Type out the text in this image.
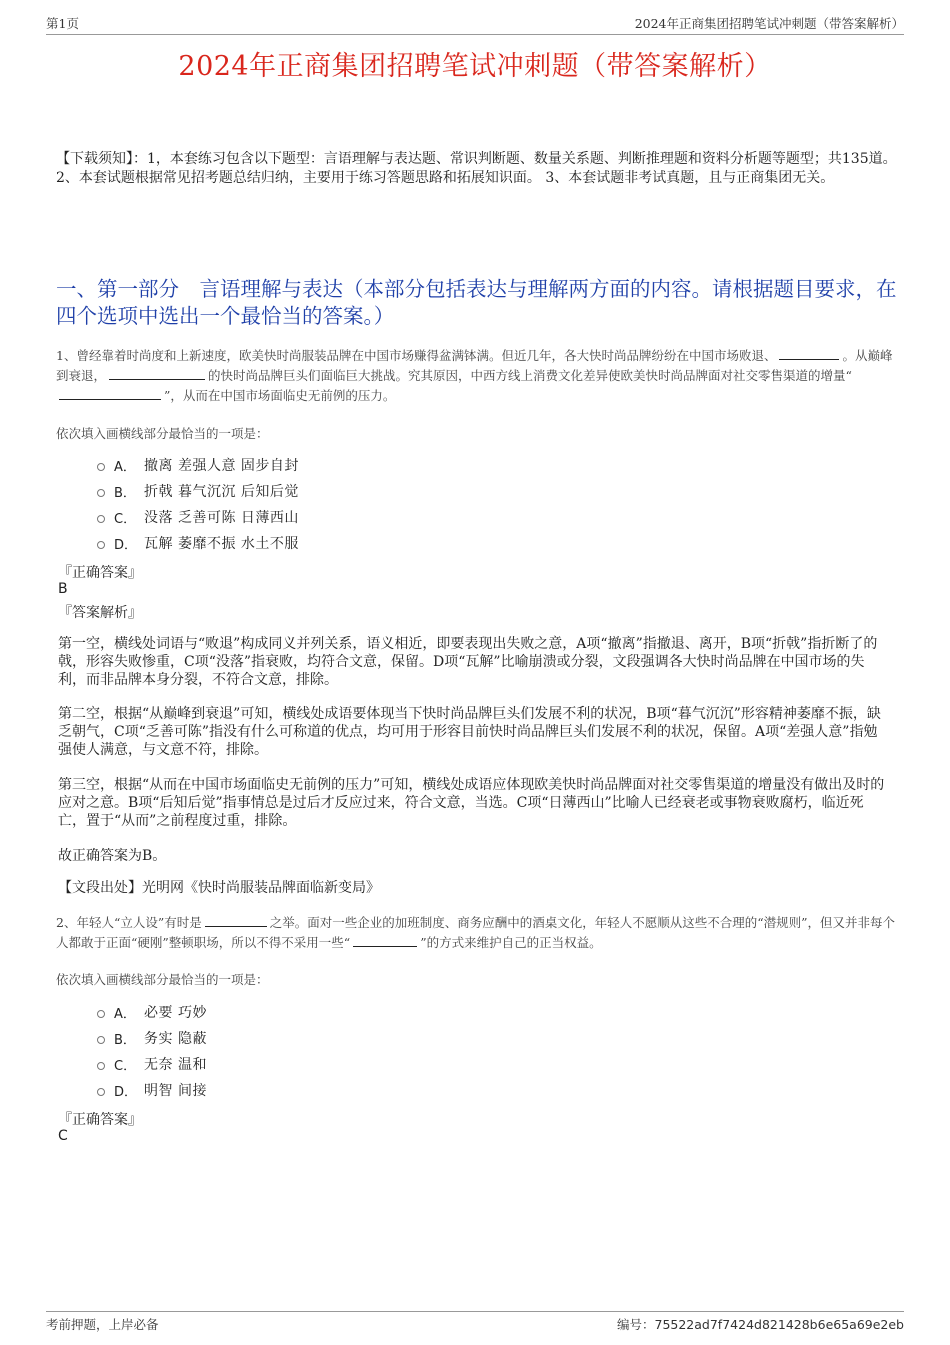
第1页	2024年正商集团招聘笔试冲刺题（带答案解析）
2024年正商集团招聘笔试冲刺题（带答案解析）
【下载须知】：1，本套练习包含以下题型：言语理解与表达题、常识判断题、数量关系题、判断推理题和资料分析题等题型；共135道。 2、本套试题根据常见招考题总结归纳，主要用于练习答题思路和拓展知识面。 3、本套试题非考试真题，且与正商集团无关。
一、第一部分　言语理解与表达（本部分包括表达与理解两方面的内容。请根据题目要求，在四个选项中选出一个最恰当的答案。）
1、曾经靠着时尚度和上新速度，欧美快时尚服装品牌在中国市场赚得盆满钵满。但近几年，各大快时尚品牌纷纷在中国市场败退、	。从巅峰到衰退，	的快时尚品牌巨头们面临巨大挑战。究其原因，中西方线上消费文化差异使欧美快时尚品牌面对社交零售渠道的增量“”，从而在中国市场面临史无前例的压力。
依次填入画横线部分最恰当的一项是：
A． 撤离 差强人意 固步自封
B． 折戟 暮气沉沉 后知后觉
C． 没落 乏善可陈 日薄西山
D． 瓦解 萎靡不振 水土不服
『正确答案』
B
『答案解析』
第一空，横线处词语与“败退”构成同义并列关系，语义相近，即要表现出失败之意，A项“撤离”指撤退、离开，B项“折戟”指折断了的戟，形容失败惨重，C项“没落”指衰败，均符合文意，保留。D项“瓦解”比喻崩溃或分裂，文段强调各大快时尚品牌在中国市场的失利，而非品牌本身分裂，不符合文意，排除。
第二空，根据“从巅峰到衰退”可知，横线处成语要体现当下快时尚品牌巨头们发展不利的状况，B项“暮气沉沉”形容精神萎靡不振，缺乏朝气，C项“乏善可陈”指没有什么可称道的优点，均可用于形容目前快时尚品牌巨头们发展不利的状况，保留。A项“差强人意”指勉强使人满意，与文意不符，排除。
第三空，根据“从而在中国市场面临史无前例的压力”可知，横线处成语应体现欧美快时尚品牌面对社交零售渠道的增量没有做出及时的应对之意。B项“后知后觉”指事情总是过后才反应过来，符合文意，当选。C项“日薄西山”比喻人已经衰老或事物衰败腐朽，临近死亡，置于“从而”之前程度过重，排除。
故正确答案为B。
【文段出处】光明网《快时尚服装品牌面临新变局》
2、年轻人“立人设”有时是	之举。面对一些企业的加班制度、商务应酬中的酒桌文化，年轻人不愿顺从这些不合理的“潜规则”，但又并非每个人都敢于正面“硬刚”整顿职场，所以不得不采用一些“	”的方式来维护自己的正当权益。
依次填入画横线部分最恰当的一项是：
A． 必要 巧妙
B． 务实 隐蔽
C． 无奈 温和
D． 明智 间接
『正确答案』
C
考前押题，上岸必备	编号：75522ad7f7424d821428b6e65a69e2eb
